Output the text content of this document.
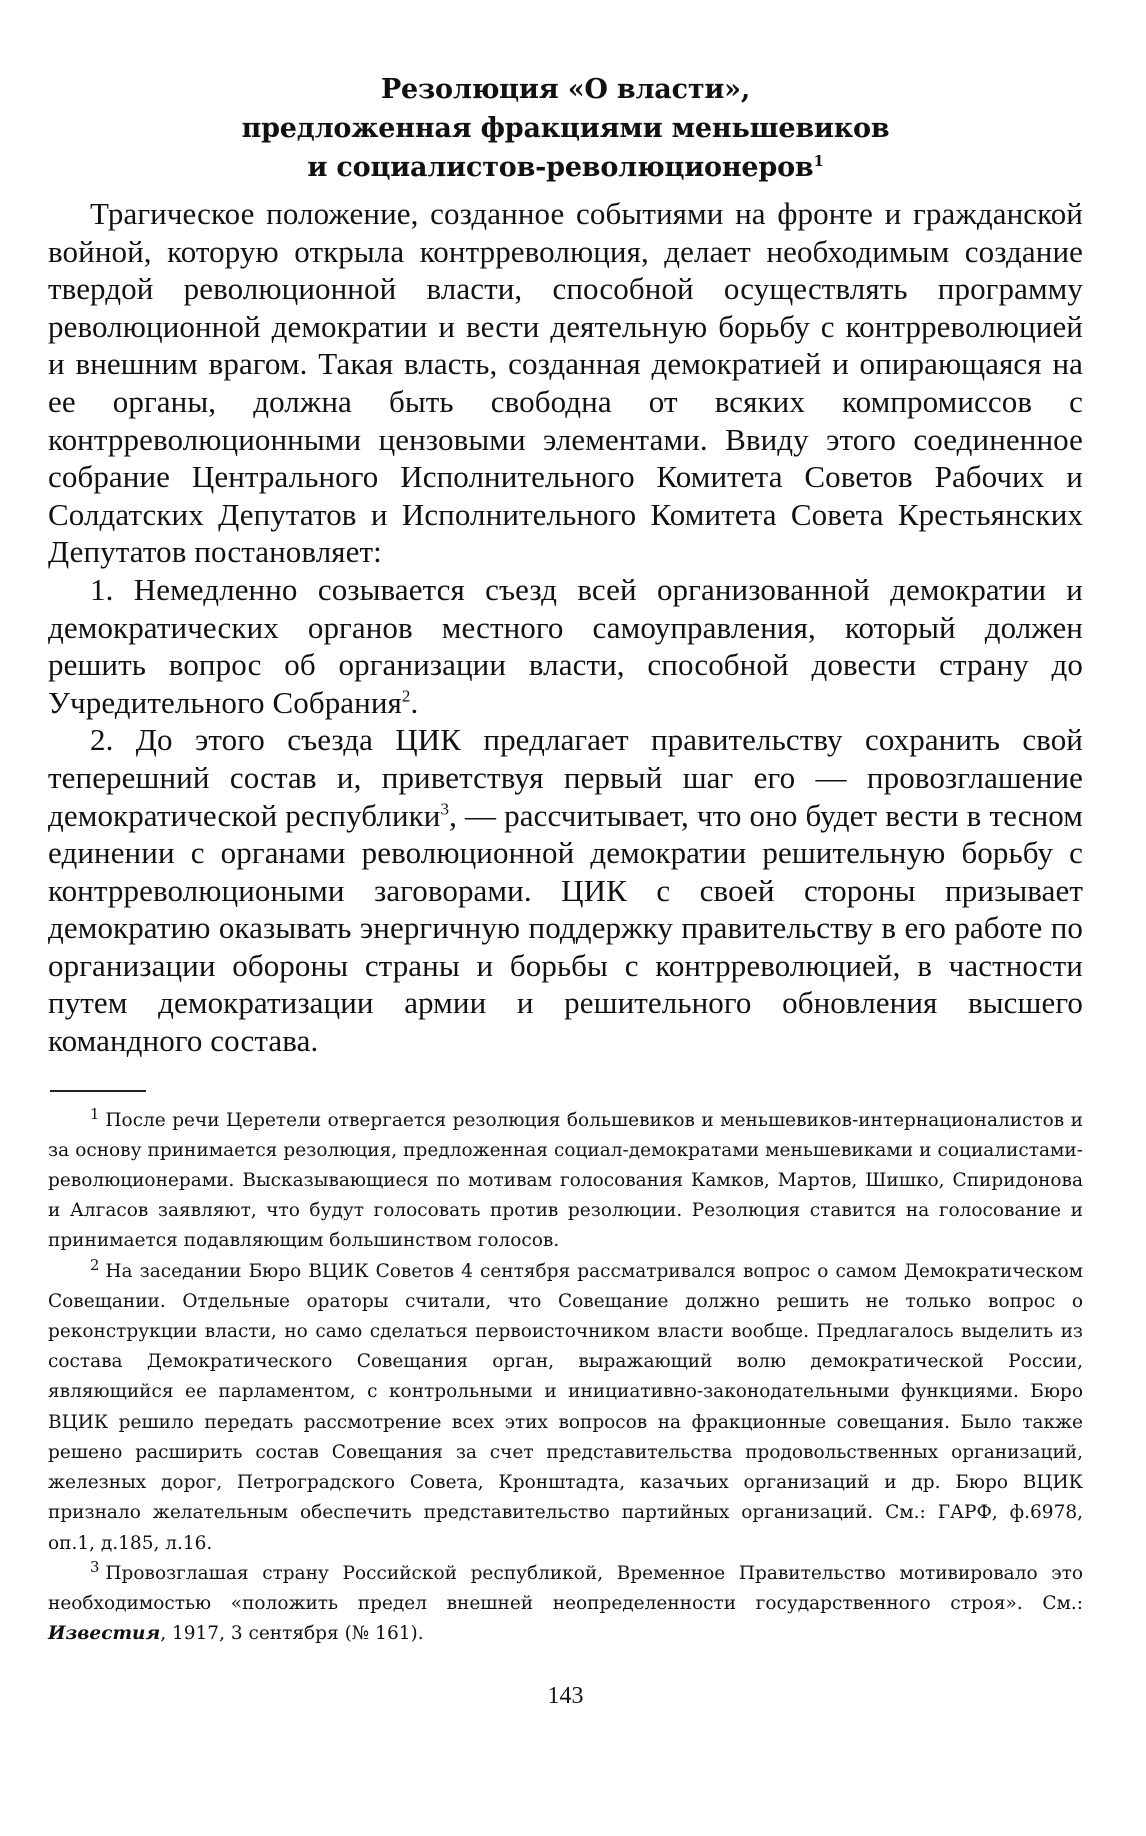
Резолюция «О власти»,
предложенная фракциями меньшевиков
и социалистов-революционеров$^1$

Трагическое положение, созданное событиями на фронте и гражданской войной, которую открыла контрреволюция, делает необходимым создание твердой революционной власти, способной осуществлять программу революционной демократии и вести деятельную борьбу с контрреволюцией и внешним врагом. Такая власть, созданная демократией и опирающаяся на ее органы, должна быть свободна от всяких компромиссов с контрреволюционными цензовыми элементами. Ввиду этого соединенное собрание Центрального Исполнительного Комитета Советов Рабочих и Солдатских Депутатов и Исполнительного Комитета Совета Крестьянских Депутатов постановляет:

1. Немедленно созывается съезд всей организованной демократии и демократических органов местного самоуправления, который должен решить вопрос об организации власти, способной довести страну до Учредительного Собрания$^2$.

2. До этого съезда ЦИК предлагает правительству сохранить свой теперешний состав и, приветствуя первый шаг его — провозглашение демократической республики$^3$, — рассчитывает, что оно будет вести в тесном единении с органами революционной демократии решительную борьбу с контрреволюциоными заговорами. ЦИК с своей стороны призывает демократию оказывать энергичную поддержку правительству в его работе по организации обороны страны и борьбы с контрреволюцией, в частности путем демократизации армии и решительного обновления высшего командного состава.

$^1$ После речи Церетели отвергается резолюция большевиков и меньшевиков-интернационалистов и за основу принимается резолюция, предложенная социал-демократами меньшевиками и социалистами-революционерами. Высказывающиеся по мотивам голосования Камков, Мартов, Шишко, Спиридонова и Алгасов заявляют, что будут голосовать против резолюции. Резолюция ставится на голосование и принимается подавляющим большинством голосов.

$^2$ На заседании Бюро ВЦИК Советов 4 сентября рассматривался вопрос о самом Демократическом Совещании. Отдельные ораторы считали, что Совещание должно решить не только вопрос о реконструкции власти, но само сделаться первоисточником власти вообще. Предлагалось выделить из состава Демократического Совещания орган, выражающий волю демократической России, являющийся ее парламентом, с контрольными и инициативно-законодательными функциями. Бюро ВЦИК решило передать рассмотрение всех этих вопросов на фракционные совещания. Было также решено расширить состав Совещания за счет представительства продовольственных организаций, железных дорог, Петроградского Совета, Кронштадта, казачьих организаций и др. Бюро ВЦИК признало желательным обеспечить представительство партийных организаций. См.: ГАРФ, ф.6978, оп.1, д.185, л.16.

$^3$ Провозглашая страну Российской республикой, Временное Правительство мотивировало это необходимостью «положить предел внешней неопределенности государственного строя». См.: Известия, 1917, 3 сентября (№ 161).

143
